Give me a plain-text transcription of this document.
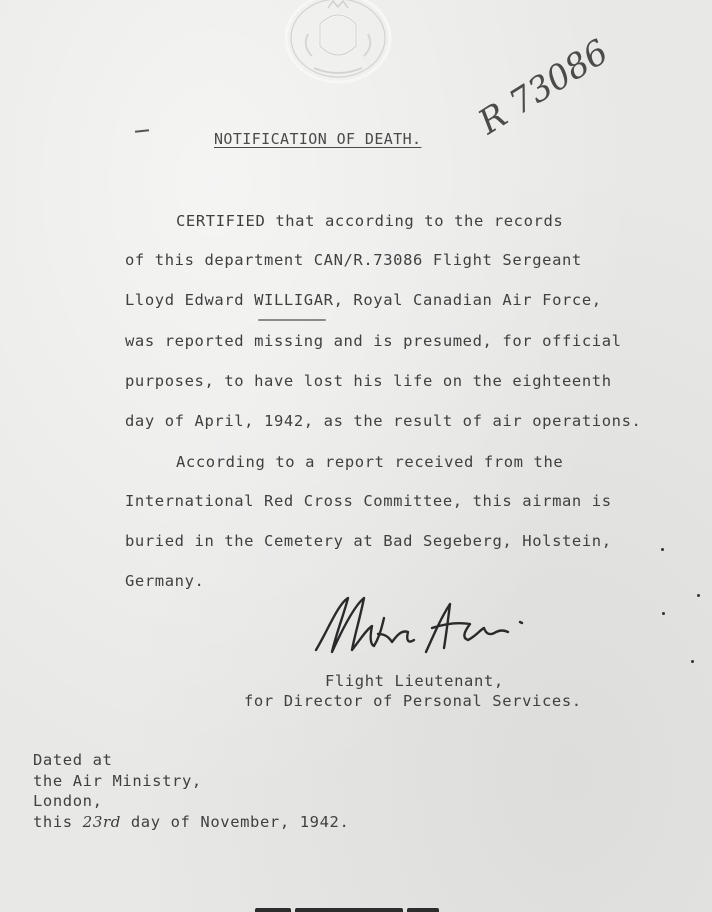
R 73086
NOTIFICATION OF DEATH.
CERTIFIED that according to the records
of this department CAN/R.73086 Flight Sergeant
Lloyd Edward WILLIGAR, Royal Canadian Air Force,
was reported missing and is presumed, for official
purposes, to have lost his life on the eighteenth
day of April, 1942, as the result of air operations.
According to a report received from the
International Red Cross Committee, this airman is
buried in the Cemetery at Bad Segeberg, Holstein,
Germany.
Flight Lieutenant,
for Director of Personal Services.
Dated at
the Air Ministry,
London,
this 23rd day of November, 1942.
